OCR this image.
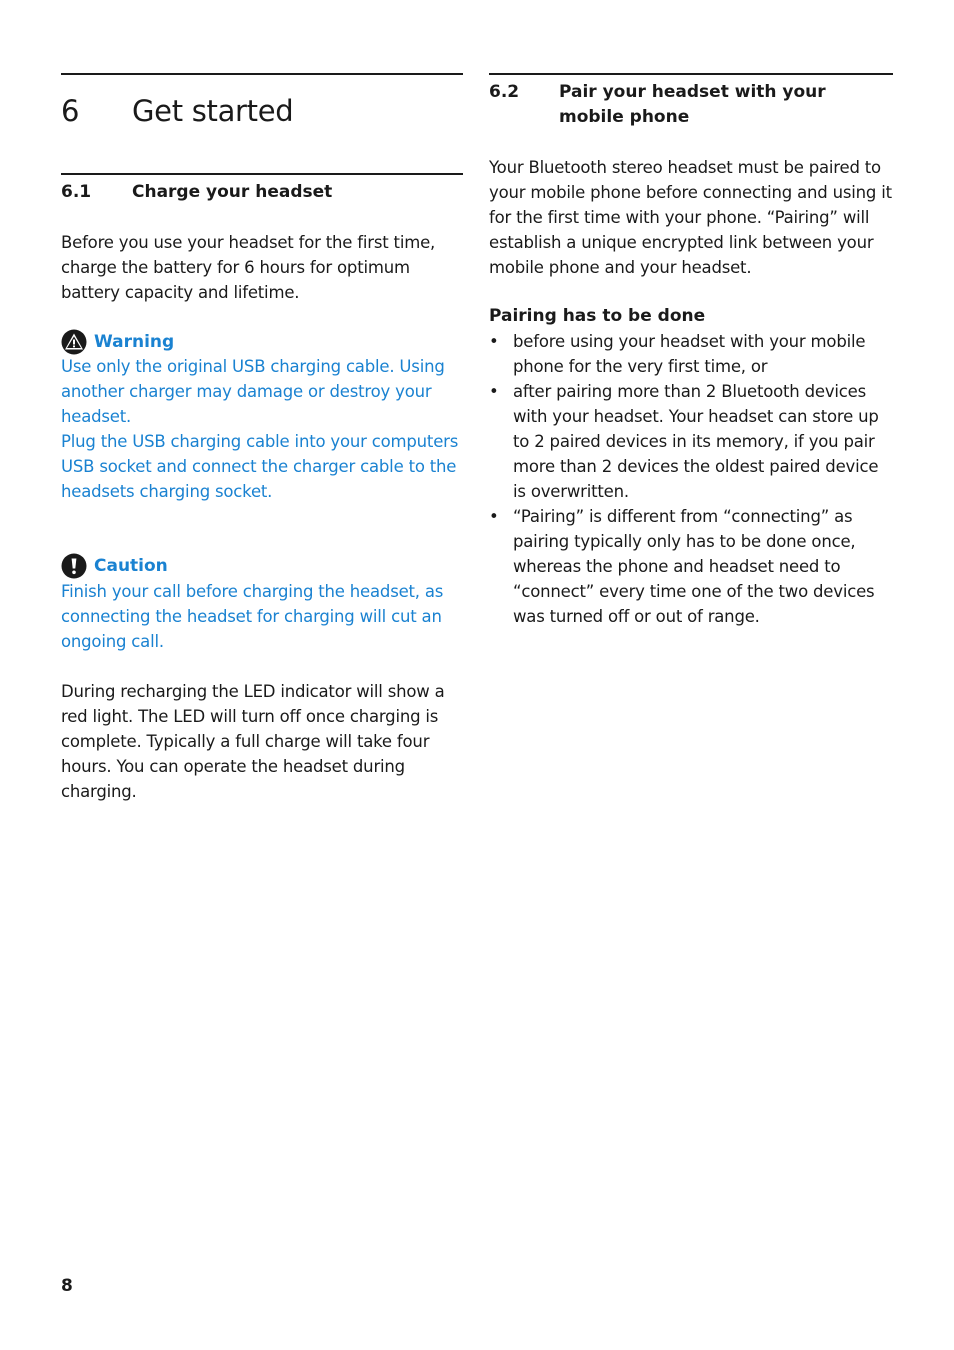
6 Get started
6.1 Charge your headset

Before you use your headset for the first time, charge the battery for 6 hours for optimum battery capacity and lifetime.

Warning

Use only the original USB charging cable. Using another charger may damage or destroy your headset.

Plug the USB charging cable into your computers USB socket and connect the charger cable to the headsets charging socket.

Caution

Finish your call before charging the headset, as connecting the headset for charging will cut an ongoing call.

During recharging the LED indicator will show a red light. The LED will turn off once charging is complete. Typically a full charge will take four hours. You can operate the headset during charging.

6.2 Pair your headset with your mobile phone

Your Bluetooth stereo headset must be paired to your mobile phone before connecting and using it for the first time with your phone. “Pairing” will establish a unique encrypted link between your mobile phone and your headset.

Pairing has to be done
• before using your headset with your mobile phone for the very first time, or
• after pairing more than 2 Bluetooth devices with your headset. Your headset can store up to 2 paired devices in its memory, if you pair more than 2 devices the oldest paired device is overwritten.
• “Pairing” is different from “connecting” as pairing typically only has to be done once, whereas the phone and headset need to “connect” every time one of the two devices was turned off or out of range.
8
